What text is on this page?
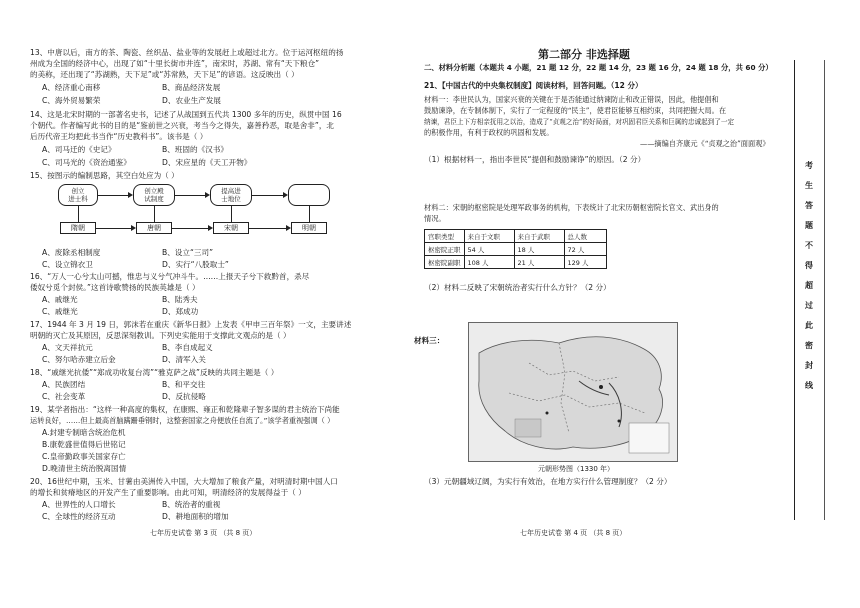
13、中唐以后，南方的茶、陶瓷、丝织品、盐业等的发展赶上或超过北方。位于运河枢纽的扬
州成为全国的经济中心，出现了如“十里长街市井连”，南宋时，苏湖、常有“天下粮仓”
的美称，还出现了“苏湖熟，天下足”或“苏常熟，天下足”的谚语。这反映出（ ）
A、经济重心南移	B、商品经济发展
C、海外贸易繁荣	D、农业生产发展
14、这是北宋时期的一部著名史书，记述了从战国到五代共 1300 多年的历史，纵贯中国 16
个朝代。作者编写此书的目的是“鉴前世之兴衰，考当今之得失，嘉善矜恶，取是舍非”，北
后历代帝王均把此书当作“历史教科书”。该书是（ ）
A、司马迁的《史记》	B、班固的《汉书》
C、司马光的《资治通鉴》	D、宋应星的《天工开物》
15、按图示的编制思路，其空白处应为（ ）
创立
进士科
创立殿
试制度
提高进
士地位
隋朝	唐朝	宋朝	明朝
A、废除丞相制度	B、设立“三司”
C、设立锦衣卫	D、实行“八股取士”
16、“万人一心兮太山可撼，惟忠与义兮气冲斗牛。……上报天子兮下救黔首，杀尽
倭奴兮觅个封侯。”这首诗歌赞扬的民族英雄是（ ）
A、戚继光	B、陆秀夫
C、戚继光	D、郑成功
17、1944 年 3 月 19 日，郭沫若在重庆《新华日报》上发表《甲申三百年祭》一文，主要讲述
明朝的灭亡及其原因，反思深刻教训。下列史实能用于支撑此文观点的是（ ）
A、文天祥抗元	B、李自成起义
C、努尔哈赤建立后金	D、清军入关
18、“戚继光抗倭”“郑成功收复台湾”“雅克萨之战”反映的共同主题是（ ）
A、民族团结	B、和平交往
C、社会变革	D、反抗侵略
19、某学者指出：“这样一种高度的集权，在康熙、雍正和乾隆辈子智多谋的君主统治下尚能
运转良好，……但上最高首脑蹒跚垂钢时，这整套国家之舟便放任自流了。”该学者重视强调（ ）
A.封建专制暗含统治危机
B.康乾盛世值得后世铭记
C.皇帝勤政事关国家存亡
D.晚清世主统治脱离国情
20、16世纪中期，玉米、甘薯由美洲传入中国，大大增加了粮食产量，对明清时期中国人口
的增长和贫瘠地区的开发产生了重要影响。由此可知，明清经济的发展得益于（ ）
A、世界性的人口增长	B、统治者的重视
C、全球性的经济互动	D、耕地面积的增加
七年历史试卷 第 3 页 （共 8 页）
第二部分 非选择题
二、材料分析题（本题共 4 小题，21 题 12 分，22 题 14 分，23 题 16 分，24 题 18 分，共 60 分）
21、【中国古代的中央集权制度】阅读材料，回答问题。（12 分）
材料一：李世民认为，国家兴衰的关键在于是否能通过纳谏防止和改正错误，因此，他提倡和
鼓励谏诤，在专制体制下，实行了一定程度的“民主”，使君臣能够互相约束，共同把握大局。在
纳谏，君臣上下方相亲抚用之以治，造成了“贞观之治”的好局面，对巩固君臣关系和巨属的忠诚起到了一定
的积极作用，有利于政权的巩固和发展。
——摘编自齐康元《“贞观之治”面面观》
（1）根据材料一，指出李世民“提倡和鼓励谏诤”的原因。（2 分）
材料二：宋朝的枢密院是处理军政事务的机构，下表统计了北宋历朝枢密院长官文、武出身的
情况。
官职类型	来自于文职	来自于武职	总人数
枢密院正职	54 人	18 人	72 人
枢密院副职	108 人	21 人	129 人
（2）材料二反映了宋朝统治者实行什么方针？（2 分）
材料三：
元朝形势图（1330 年）
（3）元朝疆域辽阔，为实行有效治，在地方实行什么管理制度？（2 分）
七年历史试卷 第 4 页 （共 8 页）
考
生
答
题
不
得
超
过
此
密
封
线
